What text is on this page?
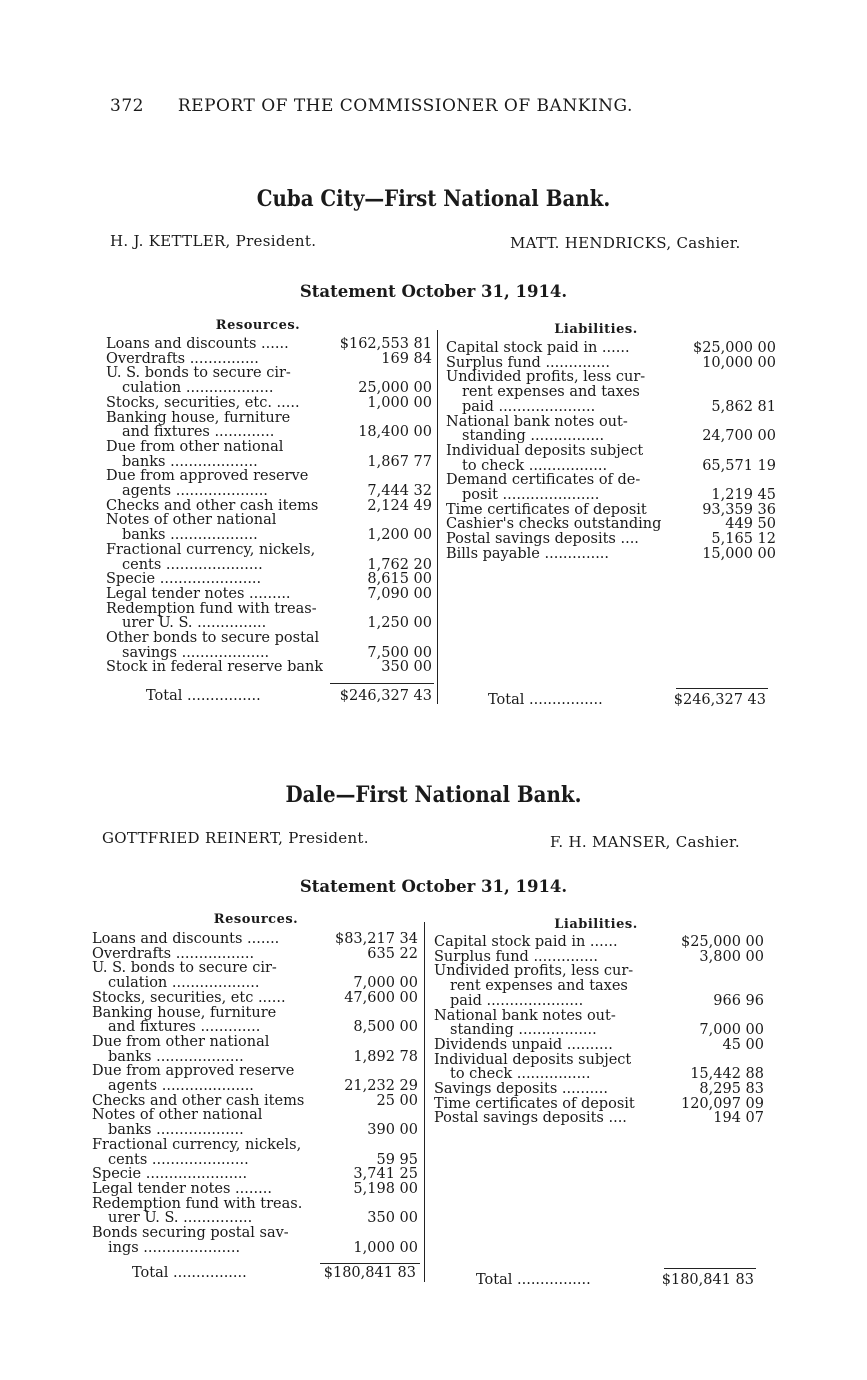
372 REPORT OF THE COMMISSIONER OF BANKING.
Cuba City—First National Bank.
H. J. KETTLER, President.	MATT. HENDRICKS, Cashier.
Statement October 31, 1914.
Resources.	Liabilities.
Loans and discounts ......	$162,553 81
Overdrafts ...............	169 84
U. S. bonds to secure cir-
culation ...................	25,000 00
Stocks, securities, etc. .....	1,000 00
Banking house, furniture
and fixtures .............	18,400 00
Due from other national
banks ...................	1,867 77
Due from approved reserve
agents ....................	7,444 32
Checks and other cash items	2,124 49
Notes of other national
banks ...................	1,200 00
Fractional currency, nickels,
cents .....................	1,762 20
Specie ......................	8,615 00
Legal tender notes .........	7,090 00
Redemption fund with treas-
urer U. S. ...............	1,250 00
Other bonds to secure postal
savings ...................	7,500 00
Stock in federal reserve bank	350 00
Capital stock paid in ......	$25,000 00
Surplus fund ..............	10,000 00
Undivided profits, less cur-
rent expenses and taxes
paid .....................	5,862 81
National bank notes out-
standing ................	24,700 00
Individual deposits subject
to check .................	65,571 19
Demand certificates of de-
posit .....................	1,219 45
Time certificates of deposit	93,359 36
Cashier's checks outstanding	449 50
Postal savings deposits ....	5,165 12
Bills payable ..............	15,000 00
Total ................	$246,327 43	Total ................	$246,327 43
Dale—First National Bank.
GOTTFRIED REINERT, President.	F. H. MANSER, Cashier.
Statement October 31, 1914.
Resources.	Liabilities.
Loans and discounts .......	$83,217 34
Overdrafts .................	635 22
U. S. bonds to secure cir-
culation ...................	7,000 00
Stocks, securities, etc ......	47,600 00
Banking house, furniture
and fixtures .............	8,500 00
Due from other national
banks ...................	1,892 78
Due from approved reserve
agents ....................	21,232 29
Checks and other cash items	25 00
Notes of other national
banks ...................	390 00
Fractional currency, nickels,
cents .....................	59 95
Specie ......................	3,741 25
Legal tender notes ........	5,198 00
Redemption fund with treas.
urer U. S. ...............	350 00
Bonds securing postal sav-
ings .....................	1,000 00
Capital stock paid in ......	$25,000 00
Surplus fund ..............	3,800 00
Undivided profits, less cur-
rent expenses and taxes
paid .....................	966 96
National bank notes out-
standing .................	7,000 00
Dividends unpaid ..........	45 00
Individual deposits subject
to check ................	15,442 88
Savings deposits ..........	8,295 83
Time certificates of deposit	120,097 09
Postal savings deposits ....	194 07
Total ................	$180,841 83	Total ................	$180,841 83
